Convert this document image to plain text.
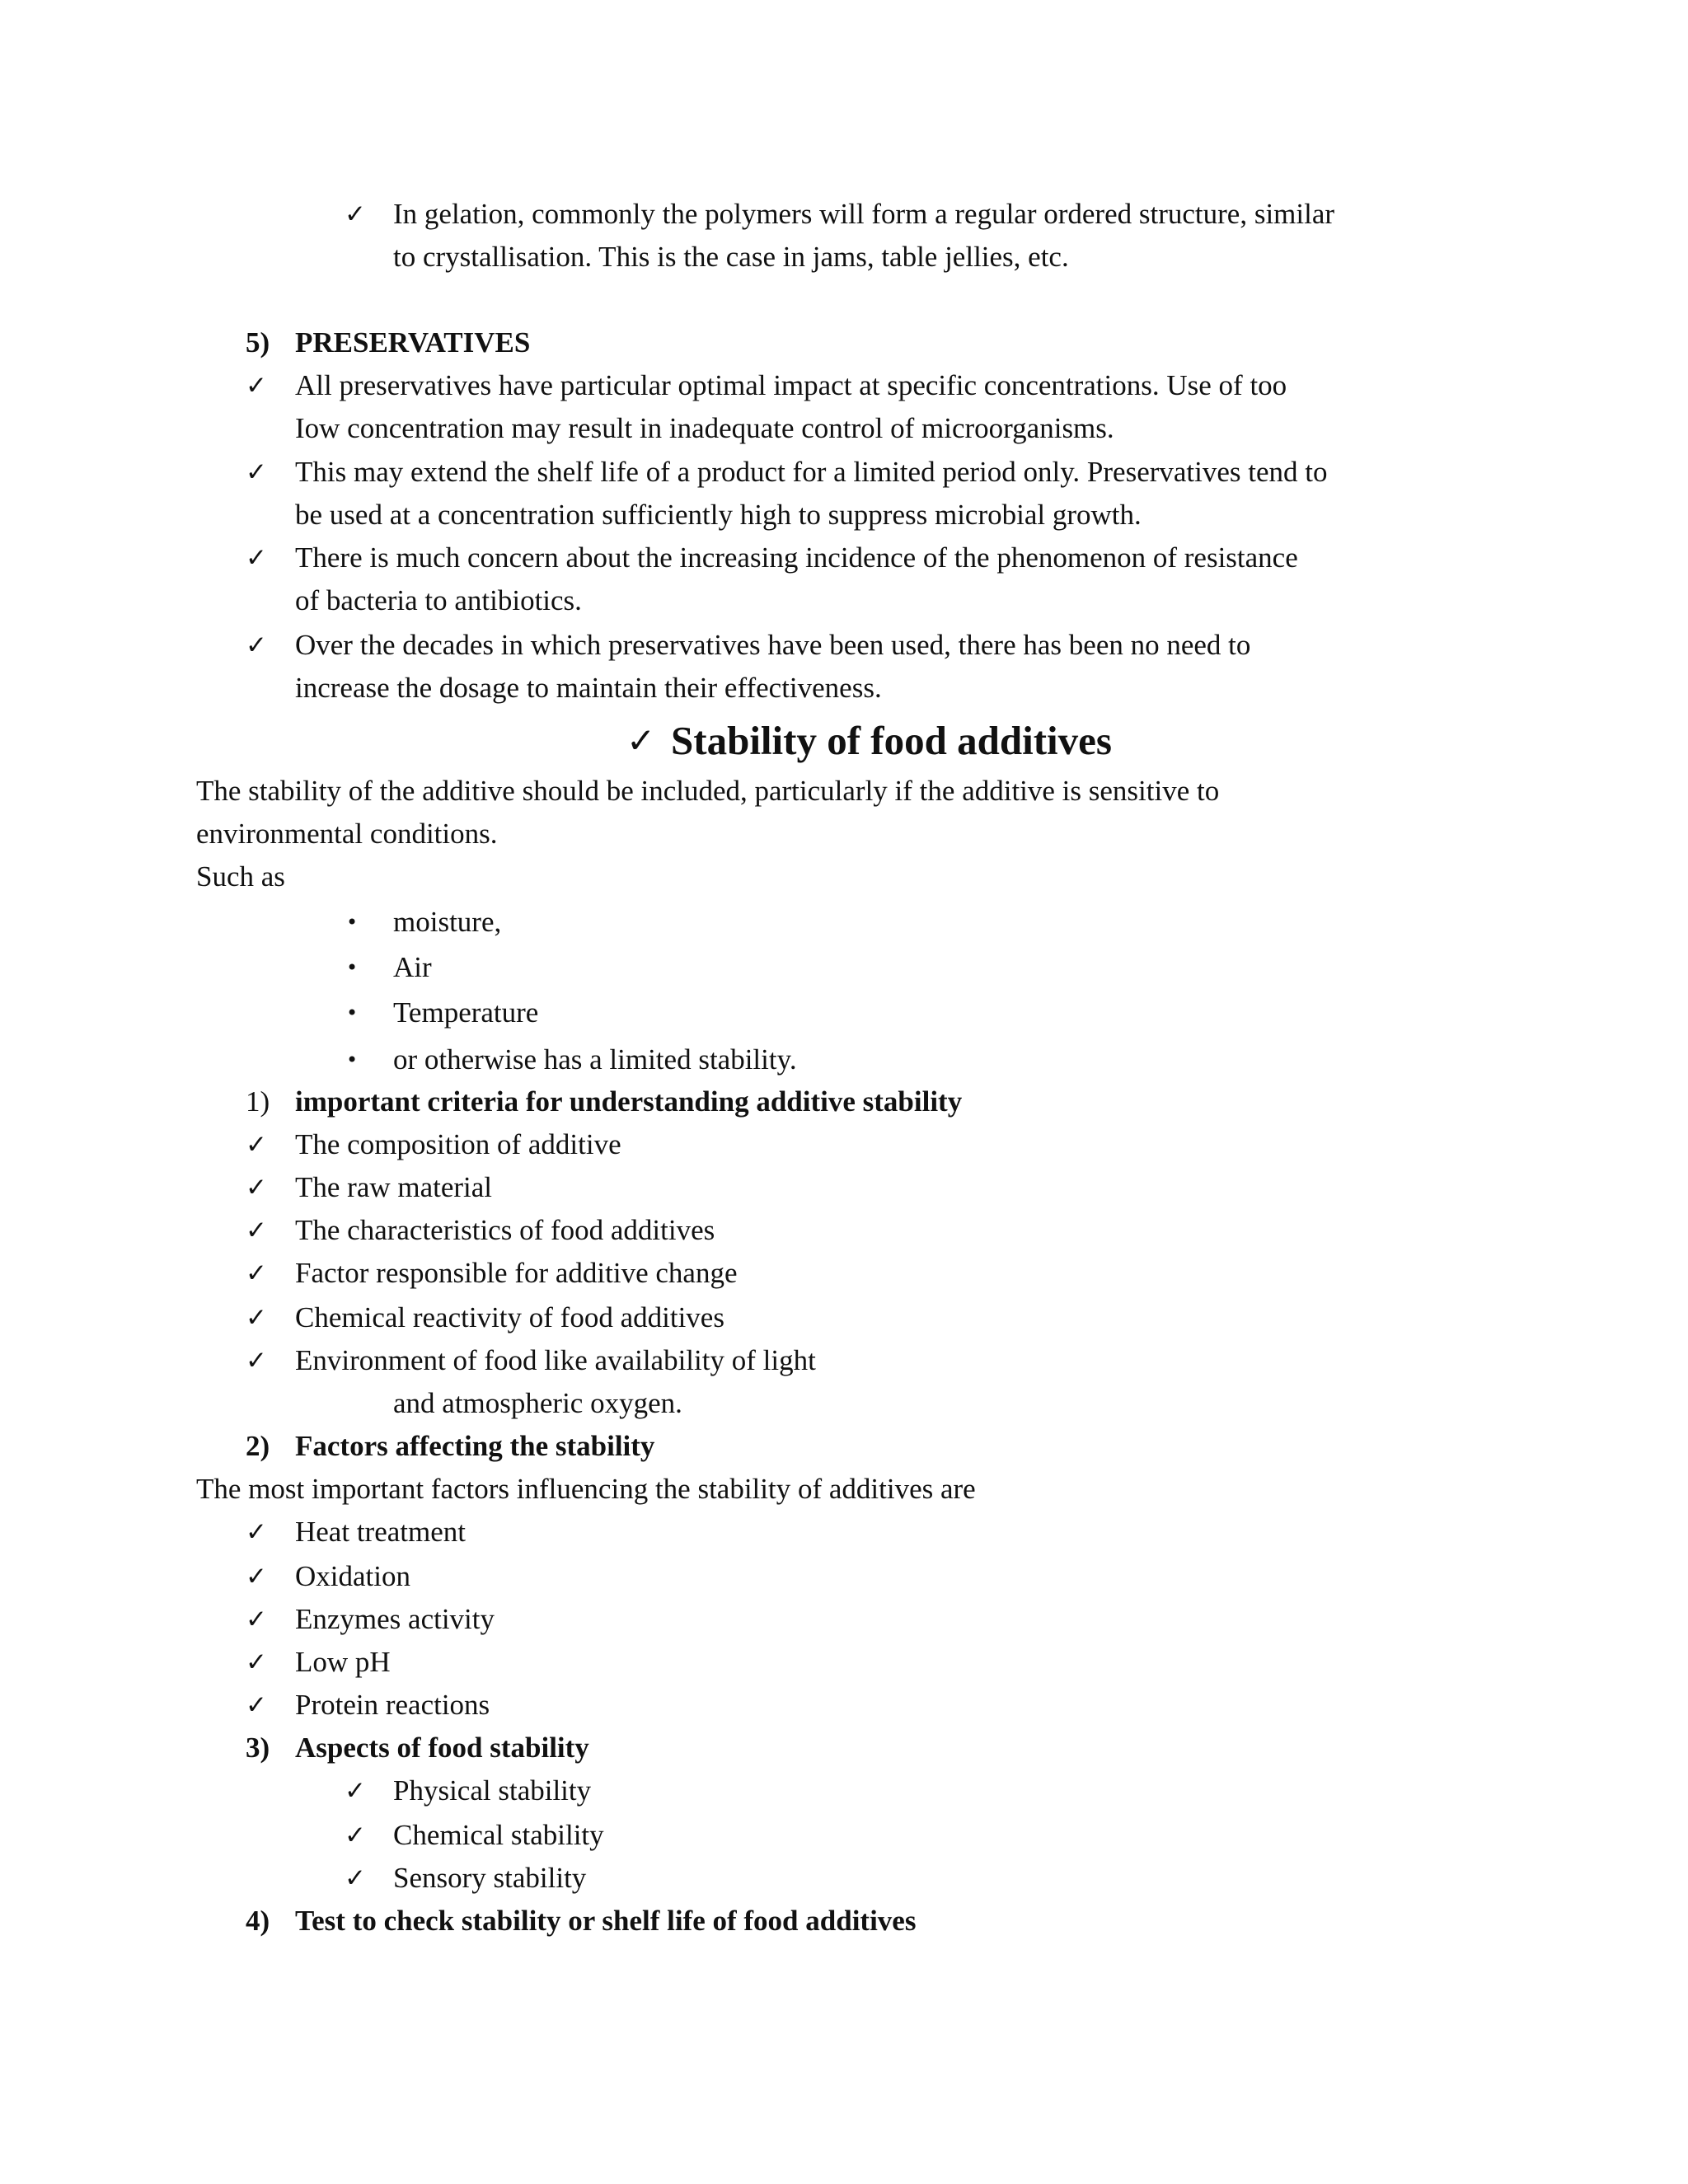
✓ In gelation, commonly the polymers will form a regular ordered structure, similar
to crystallisation. This is the case in jams, table jellies, etc.
5) PRESERVATIVES
✓ All preservatives have particular optimal impact at specific concentrations. Use of too
Iow concentration may result in inadequate control of microorganisms.
✓ This may extend the shelf life of a product for a limited period only. Preservatives tend to
be used at a concentration sufficiently high to suppress microbial growth.
✓ There is much concern about the increasing incidence of the phenomenon of resistance
of bacteria to antibiotics.
✓ Over the decades in which preservatives have been used, there has been no need to
increase the dosage to maintain their effectiveness.
✓ Stability of food additives
The stability of the additive should be included, particularly if the additive is sensitive to
environmental conditions.
Such as
•	moisture,
•	Air
•	Temperature
•	or otherwise has a limited stability.
1) important criteria for understanding additive stability
✓ The composition of additive
✓ The raw material
✓ The characteristics of food additives
✓ Factor responsible for additive change
✓ Chemical reactivity of food additives
✓ Environment of food like availability of light
and atmospheric oxygen.
2) Factors affecting the stability
The most important factors influencing the stability of additives are
✓ Heat treatment
✓ Oxidation
✓ Enzymes activity
✓ Low pH
✓ Protein reactions
3) Aspects of food stability
✓ Physical stability
✓ Chemical stability
✓ Sensory stability
4) Test to check stability or shelf life of food additives
